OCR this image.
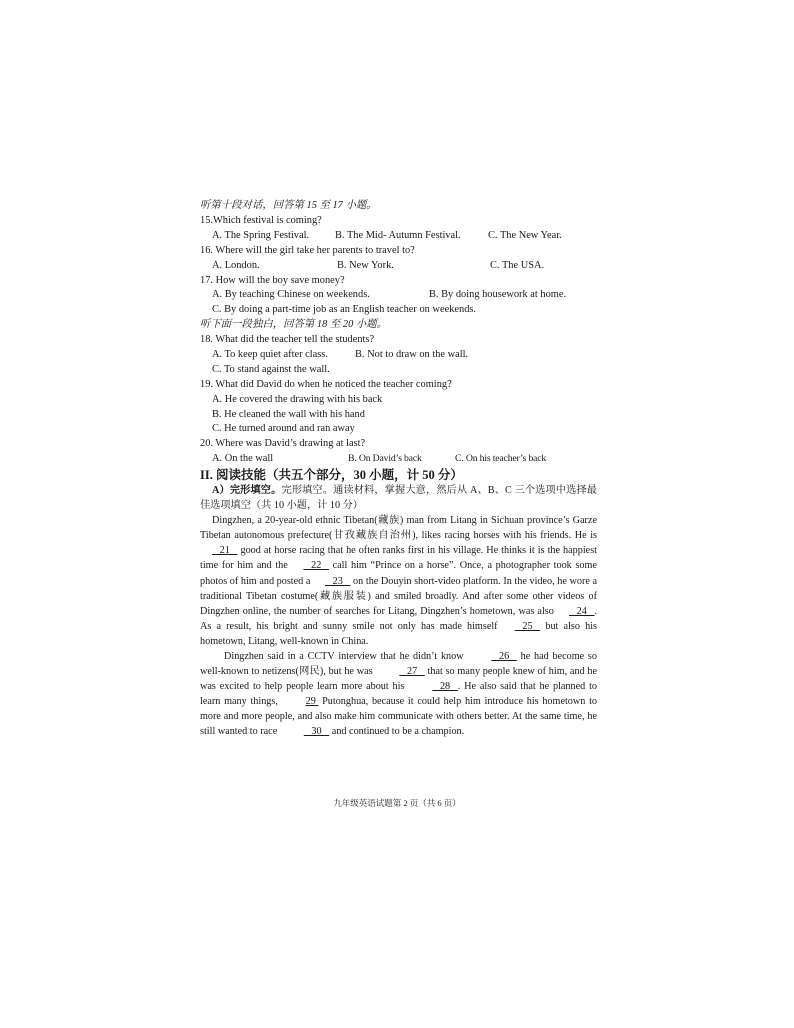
听第十段对话，回答第 15 至 17 小题。
15.Which festival is coming?
A. The Spring Festival. B. The Mid- Autumn Festival.	C. The New Year.
16. Where will the girl take her parents to travel to?
A. London.	B. New York.	C. The USA.
17. How will the boy save money?
A. By teaching Chinese on weekends.	B. By doing housework at home.
C. By doing a part-time job as an English teacher on weekends.
听下面一段独白，回答第 18 至 20 小题。
18. What did the teacher tell the students?
A. To keep quiet after class.	B. Not to draw on the wall.
C. To stand against the wall.
19. What did David do when he noticed the teacher coming?
A. He covered the drawing with his back
B. He cleaned the wall with his hand
C. He turned around and ran away
20. Where was David’s drawing at last?
A. On the wall	B. On David’s back	C. On his teacher’s back
II. 阅读技能（共五个部分，30 小题，计 50 分）
A）完形填空。完形填空。通读材料，掌握大意，然后从 A、B、C 三个选项中选择最佳选项填空（共 10 小题，计 10 分）
Dingzhen, a 20-year-old ethnic Tibetan(藏族) man from Litang in Sichuan province’s Garze Tibetan autonomous prefecture(甘孜藏族自治州), likes racing horses with his friends. He is    21    good at horse racing that he often ranks first in his village. He thinks it is the happiest time for him and the    22    call him “Prince on a horse”. Once, a photographer took some photos of him and posted a    23    on the Douyin short-video platform. In the video, he wore a traditional Tibetan costume(藏族服装) and smiled broadly. And after some other videos of Dingzhen online, the number of searches for Litang, Dingzhen’s hometown, was also    24   . As a result, his bright and sunny smile not only has made himself    25    but also his hometown, Litang, well-known in China.
Dingzhen said in a CCTV interview that he didn’t know    26    he had become so well-known to netizens(网民), but he was    27    that so many people knew of him, and he was excited to help people learn more about his    28   . He also said that he planned to learn many things, 29  Putonghua, because it could help him introduce his hometown to more and more people, and also make him communicate with others better. At the same time, he still wanted to race    30    and continued to be a champion.
九年级英语试题第 2 页（共 6 页）
